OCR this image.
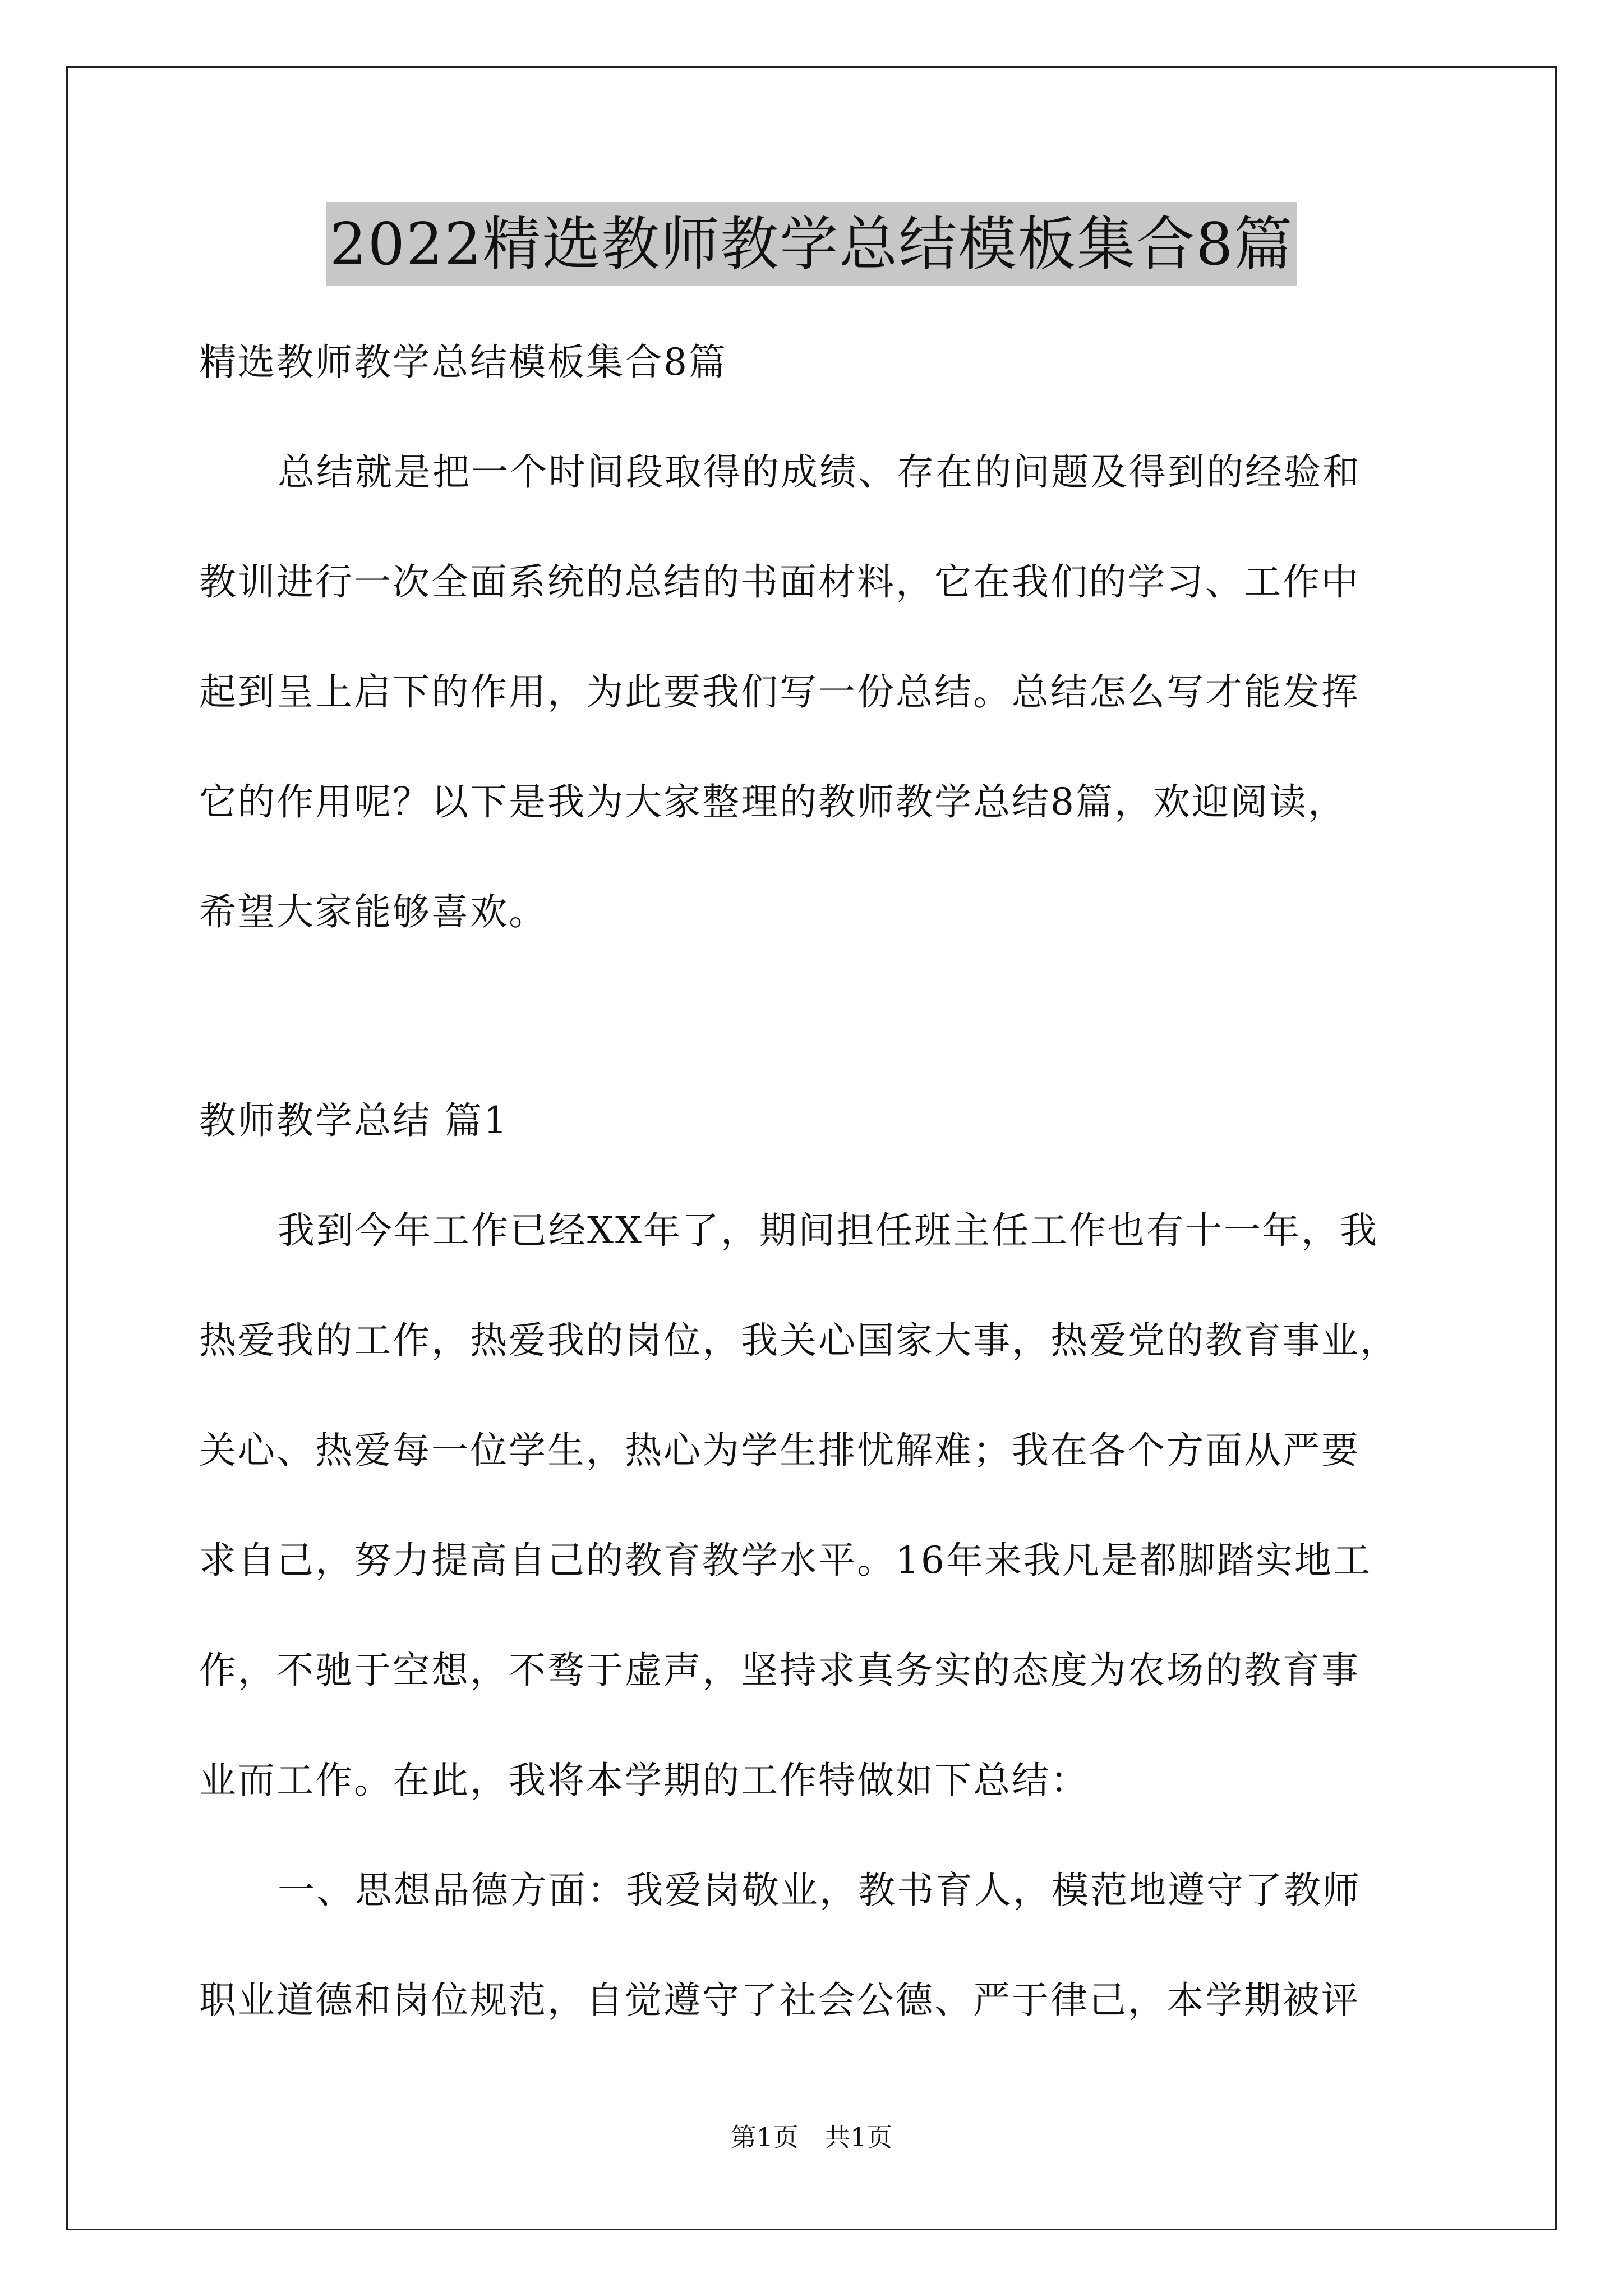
2022精选教师教学总结模板集合8篇
精选教师教学总结模板集合8篇
总结就是把一个时间段取得的成绩、存在的问题及得到的经验和
教训进行一次全面系统的总结的书面材料，它在我们的学习、工作中
起到呈上启下的作用，为此要我们写一份总结。总结怎么写才能发挥
它的作用呢？以下是我为大家整理的教师教学总结8篇，欢迎阅读，
希望大家能够喜欢。
教师教学总结 篇1
我到今年工作已经XX年了，期间担任班主任工作也有十一年，我
热爱我的工作，热爱我的岗位，我关心国家大事，热爱党的教育事业，
关心、热爱每一位学生，热心为学生排忧解难；我在各个方面从严要
求自己，努力提高自己的教育教学水平。16年来我凡是都脚踏实地工
作，不驰于空想，不骛于虚声，坚持求真务实的态度为农场的教育事
业而工作。在此，我将本学期的工作特做如下总结：
一、思想品德方面：我爱岗敬业，教书育人，模范地遵守了教师
职业道德和岗位规范，自觉遵守了社会公德、严于律己，本学期被评
第1页　共1页
